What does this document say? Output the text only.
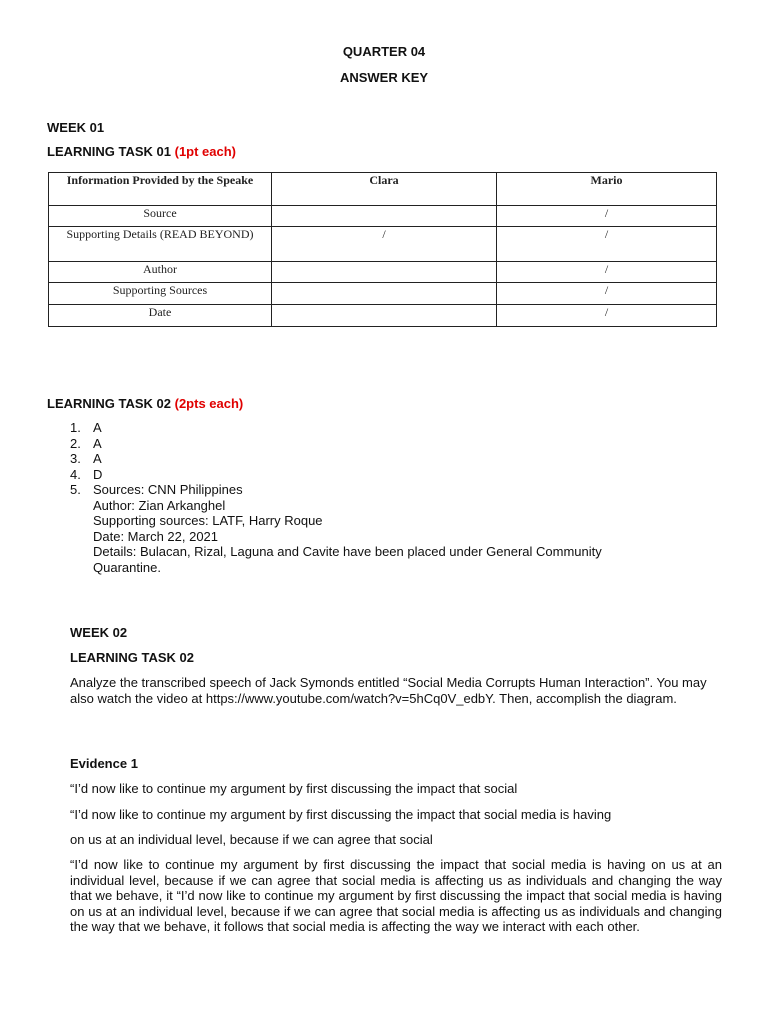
QUARTER 04
ANSWER KEY
WEEK 01
LEARNING TASK 01 (1pt each)
Information Provided by the Speake	Clara	Mario
Source		/
Supporting Details (READ BEYOND)	/	/
Author		/
Supporting Sources		/
Date		/
LEARNING TASK 02 (2pts each)
1. A
2. A
3. A
4. D
5. Sources: CNN Philippines
Author: Zian Arkanghel
Supporting sources: LATF, Harry Roque
Date: March 22, 2021
Details: Bulacan, Rizal, Laguna and Cavite have been placed under General Community Quarantine.
WEEK 02
LEARNING TASK 02
Analyze the transcribed speech of Jack Symonds entitled “Social Media Corrupts Human Interaction”. You may also watch the video at https://www.youtube.com/watch?v=5hCq0V_edbY. Then, accomplish the diagram.
Evidence 1
“I’d now like to continue my argument by first discussing the impact that social
“I’d now like to continue my argument by first discussing the impact that social media is having
on us at an individual level, because if we can agree that social
“I’d now like to continue my argument by first discussing the impact that social media is having on us at an individual level, because if we can agree that social media is affecting us as individuals and changing the way that we behave, it “I’d now like to continue my argument by first discussing the impact that social media is having on us at an individual level, because if we can agree that social media is affecting us as individuals and changing the way that we behave, it follows that social media is affecting the way we interact with each other.
